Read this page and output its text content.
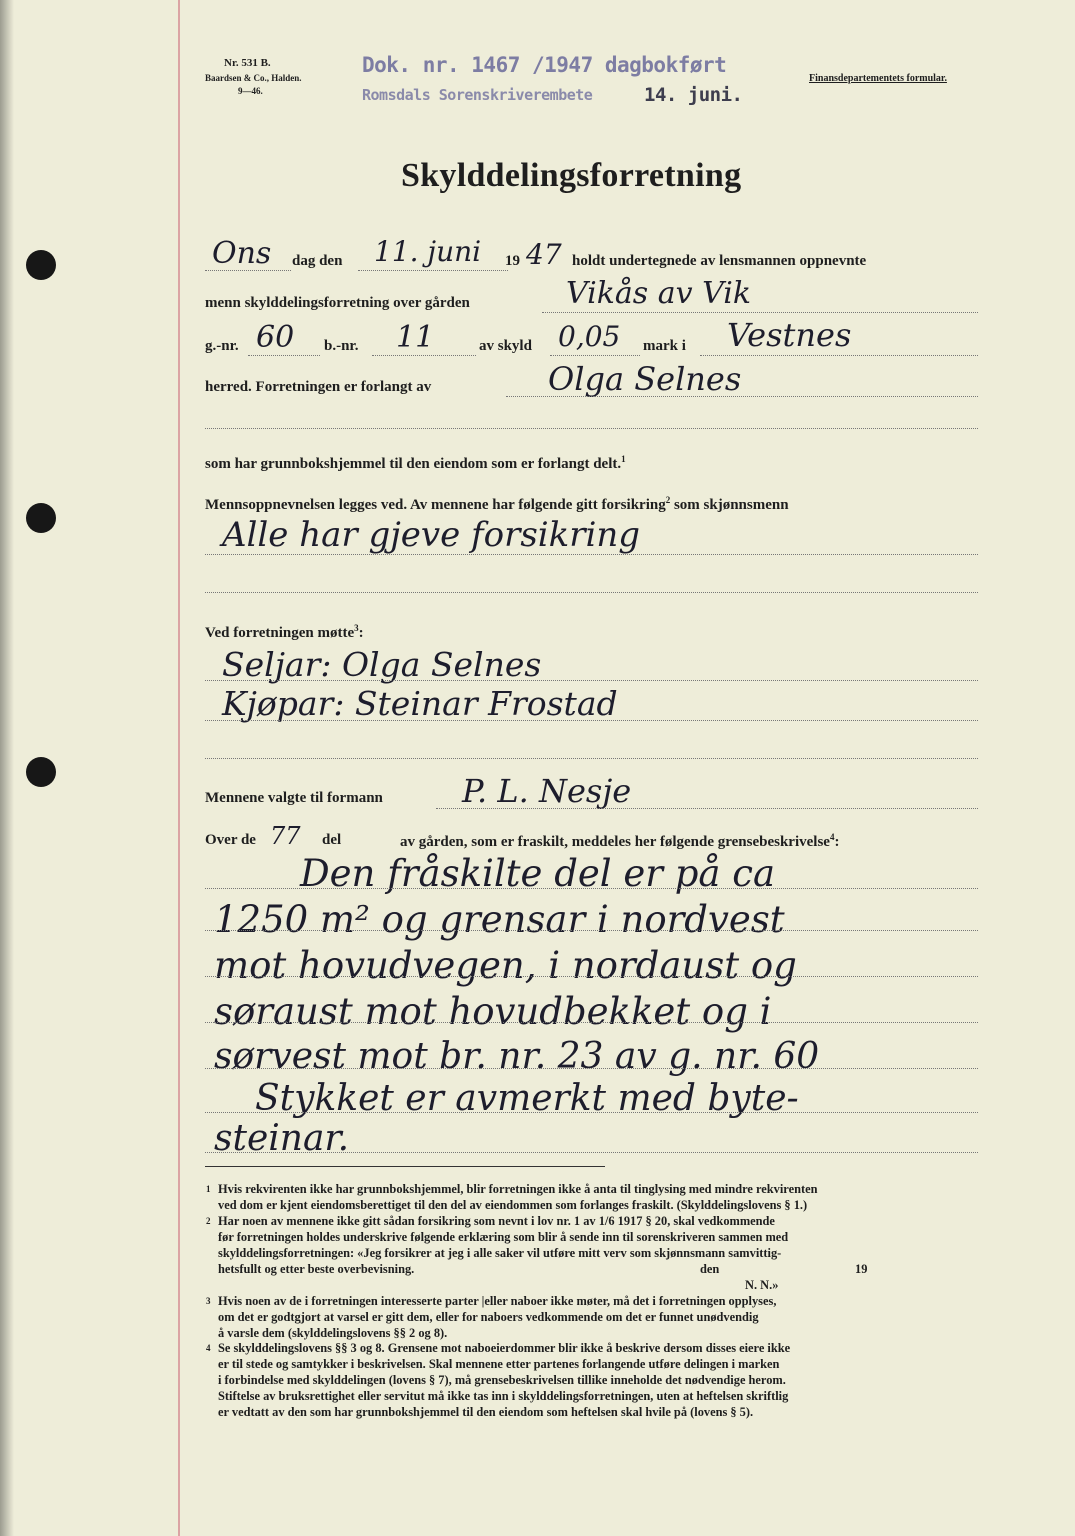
Nr. 531 B.
Baardsen & Co., Halden.
9—46.
Dok. nr. 1467 /1947 dagbokført
Romsdals Sorenskriverembete	14. juni.
Finansdepartementets formular.
Skylddelingsforretning
Ons dag den 11. juni 19 47 holdt undertegnede av lensmannen oppnevnte
menn skylddelingsforretning over gården	Vikås av Vik
g.-nr. 60 b.-nr. 11	av skyld 0,05 mark i Vestnes
herred. Forretningen er forlangt av	Olga Selnes
som har grunnbokshjemmel til den eiendom som er forlangt delt.$^1$
Mennsoppnevnelsen legges ved. Av mennene har følgende gitt forsikring$^2$ som skjønnsmenn
Alle har gjeve forsikring
Ved forretningen møtte$^3$:
Seljar: Olga Selnes
Kjøpar: Steinar Frostad
Mennene valgte til formann P. L. Nesje
Over de 77 del	av gården, som er fraskilt, meddeles her følgende grensebeskrivelse$^4$:
Den fråskilte del er på ca
1250 m² og grensar i nordvest
mot hovudvegen, i nordaust og
søraust mot hovudbekket og i
sørvest mot br. nr. 23 av g. nr. 60
Stykket er avmerkt med byte-
steinar.
1 Hvis rekvirenten ikke har grunnbokshjemmel, blir forretningen ikke å anta til tinglysing med mindre rekvirenten
ved dom er kjent eiendomsberettiget til den del av eiendommen som forlanges fraskilt. (Skylddelingslovens § 1.)
2 Har noen av mennene ikke gitt sådan forsikring som nevnt i lov nr. 1 av 1/6 1917 § 20, skal vedkommende
før forretningen holdes underskrive følgende erklæring som blir å sende inn til sorenskriveren sammen med
skylddelingsforretningen: «Jeg forsikrer at jeg i alle saker vil utføre mitt verv som skjønnsmann samvittig-
hetsfullt og etter beste overbevisning.	den	19
N. N.»
3 Hvis noen av de i forretningen interesserte parter |eller naboer ikke møter, må det i forretningen opplyses,
om det er godtgjort at varsel er gitt dem, eller for naboers vedkommende om det er funnet unødvendig
å varsle dem (skylddelingslovens §§ 2 og 8).
4 Se skylddelingslovens §§ 3 og 8. Grensene mot naboeierdommer blir ikke å beskrive dersom disses eiere ikke
er til stede og samtykker i beskrivelsen. Skal mennene etter partenes forlangende utføre delingen i marken
i forbindelse med skylddelingen (lovens § 7), må grensebeskrivelsen tillike inneholde det nødvendige herom.
Stiftelse av bruksrettighet eller servitut må ikke tas inn i skylddelingsforretningen, uten at heftelsen skriftlig
er vedtatt av den som har grunnbokshjemmel til den eiendom som heftelsen skal hvile på (lovens § 5).
